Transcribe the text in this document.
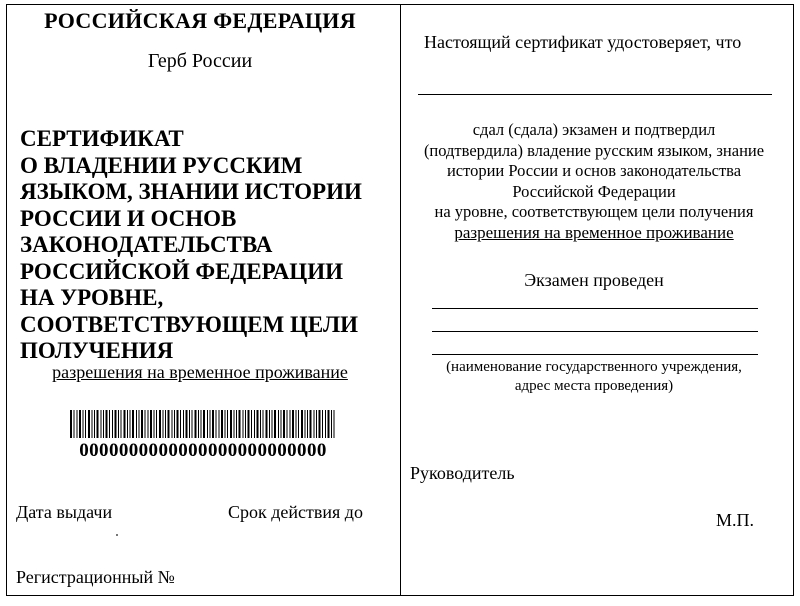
РОССИЙСКАЯ ФЕДЕРАЦИЯ
Герб России
СЕРТИФИКАТ
О ВЛАДЕНИИ РУССКИМ
ЯЗЫКОМ, ЗНАНИИ ИСТОРИИ
РОССИИ И ОСНОВ
ЗАКОНОДАТЕЛЬСТВА
РОССИЙСКОЙ ФЕДЕРАЦИИ
НА УРОВНЕ,
СООТВЕТСТВУЮЩЕМ ЦЕЛИ
ПОЛУЧЕНИЯ
разрешения на временное проживание
0000000000000000000000000
Дата выдачи	Срок действия до
Регистрационный №
Настоящий сертификат удостоверяет, что
сдал (сдала) экзамен и подтвердил
(подтвердила) владение русским языком, знание
истории России и основ законодательства
Российской Федерации
на уровне, соответствующем цели получения
разрешения на временное проживание
Экзамен проведен
(наименование государственного учреждения,
адрес места проведения)
Руководитель
М.П.
